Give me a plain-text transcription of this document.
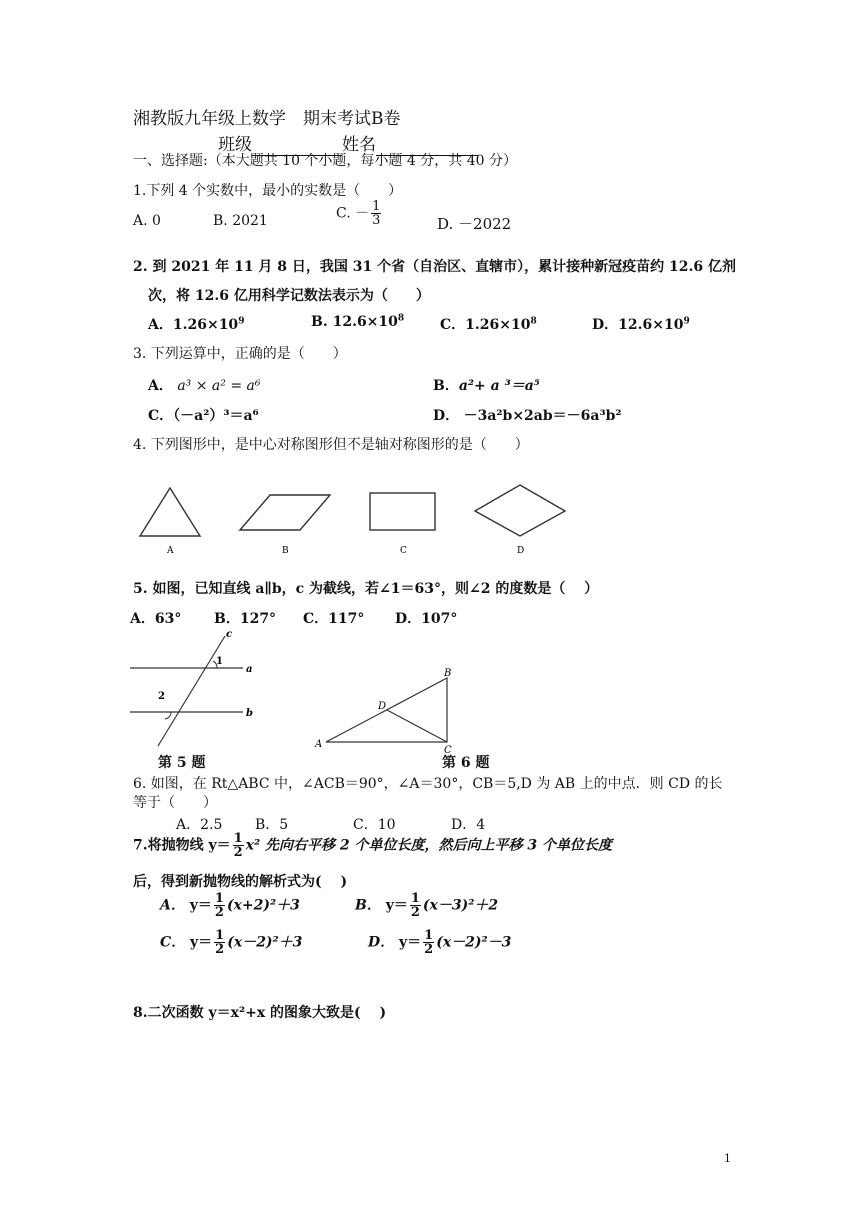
湘教版九年级上数学　期末考试B卷
班级	姓名
一、选择题:（本大题共 10 个小题，每小题 4 分，共 40 分）
1.下列 4 个实数中，最小的实数是（　　）
A. 0	B. 2021	C. － $\frac{1}{3}$	D. －2022
2. 到 2021 年 11 月 8 日，我国 31 个省（自治区、直辖市），累计接种新冠疫苗约 12.6 亿剂
次，将 12.6 亿用科学记数法表示为（　　）
A．$1.26\times 10^9$	B. $12.6\times 10^8$	C．$1.26\times 10^8$	D．$12.6\times 10^9$
3. 下列运算中，正确的是（　　）
A． a³ × a² = a⁶	B．a²+ a ³＝a⁵
C．（－a²）³＝a⁶	D． －3a²b×2ab＝－6a³b²
4. 下列图形中，是中心对称图形但不是轴对称图形的是（　　）
A	B	C	D
5. 如图，已知直线 a∥b，c 为截线，若∠1＝63°，则∠2 的度数是（　 ）
A．63° B．127° C．117° D．107°
c
a
b
1
2
第 5 题
A
B
C
D
第 6 题
6. 如图，在 Rt△ABC 中，∠ACB＝90°，∠A＝30°，CB＝5,D 为 AB 上的中点．则 CD 的长
等于（　　）
A．2.5 B．5	C．10	D．4
7.将抛物线 $y= \frac{1}{2} x^2$ 先向右平移 2 个单位长度，然后向上平移 3 个单位长度
后，得到新抛物线的解析式为(　 )
A． $y= \frac{1}{2} (x+2)^2+3$	B． $y= \frac{1}{2} (x-3)^2+2$
C． $y= \frac{1}{2} (x-2)^2+3$	D． $y= \frac{1}{2} (x-2)^2-3$
8.二次函数 y＝x²+x 的图象大致是(　 )
1
